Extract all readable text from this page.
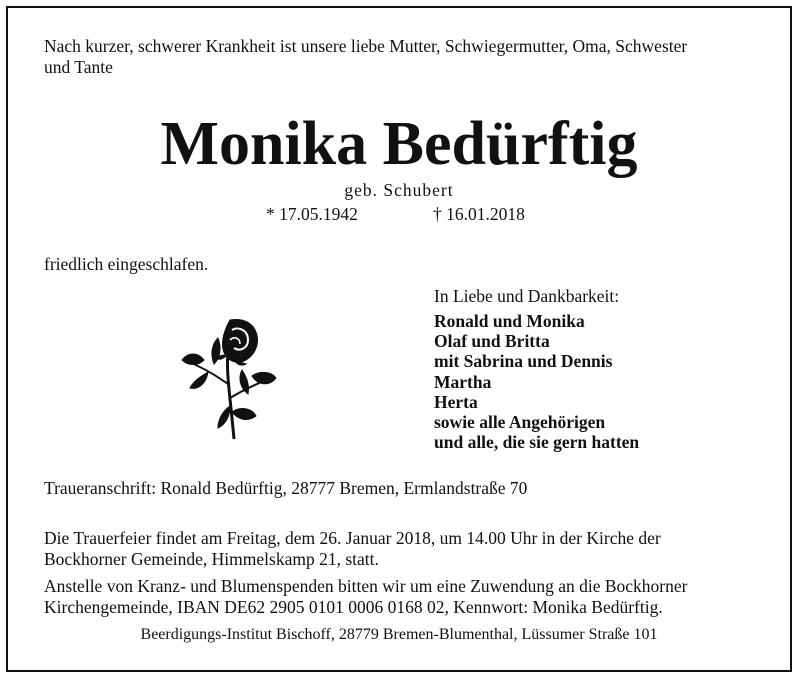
Nach kurzer, schwerer Krankheit ist unsere liebe Mutter, Schwiegermutter, Oma, Schwester
und Tante
Monika Bedürftig
geb. Schubert
* 17.05.1942	† 16.01.2018
friedlich eingeschlafen.
In Liebe und Dankbarkeit:
Ronald und Monika
Olaf und Britta
mit Sabrina und Dennis
Martha
Herta
sowie alle Angehörigen
und alle, die sie gern hatten
Traueranschrift: Ronald Bedürftig, 28777 Bremen, Ermlandstraße 70
Die Trauerfeier findet am Freitag, dem 26. Januar 2018, um 14.00 Uhr in der Kirche der
Bockhorner Gemeinde, Himmelskamp 21, statt.
Anstelle von Kranz- und Blumenspenden bitten wir um eine Zuwendung an die Bockhorner
Kirchengemeinde, IBAN DE62 2905 0101 0006 0168 02, Kennwort: Monika Bedürftig.
Beerdigungs-Institut Bischoff, 28779 Bremen-Blumenthal, Lüssumer Straße 101
